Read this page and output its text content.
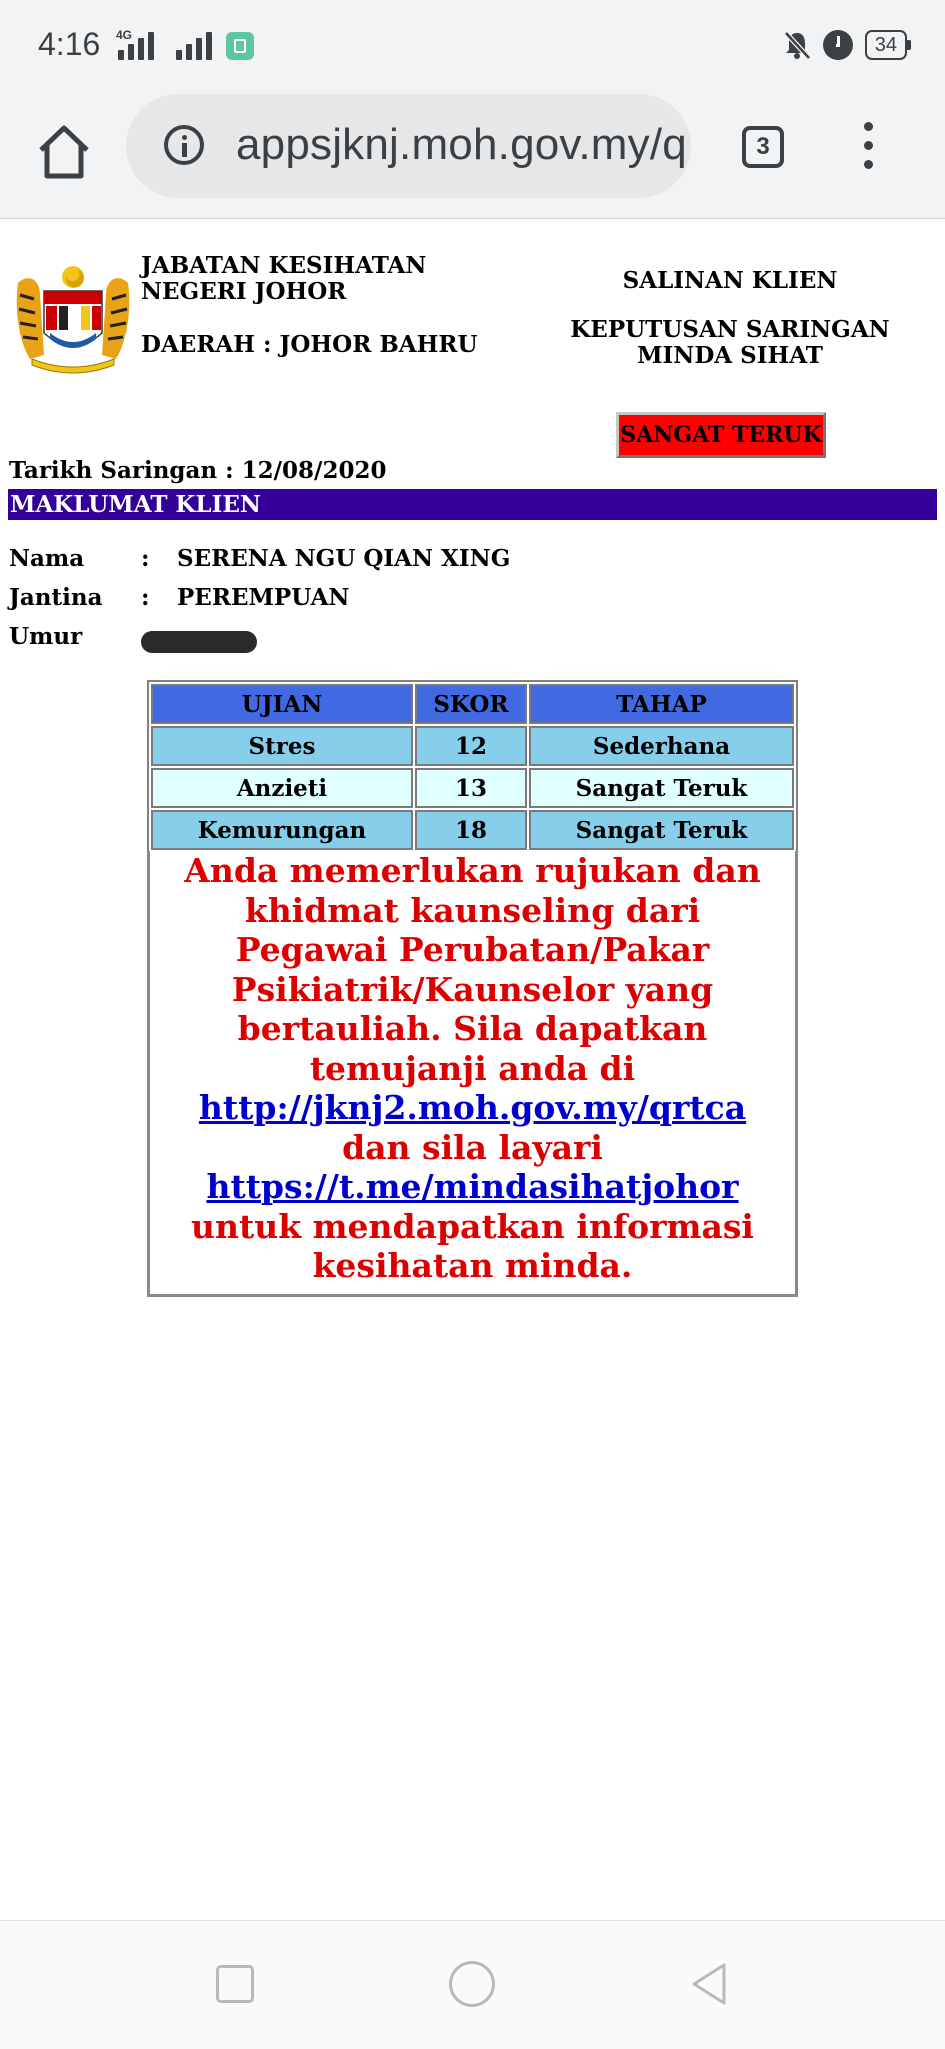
4:16 4G	34
appsjknj.moh.gov.my/q	3
JABATAN KESIHATAN NEGERI JOHOR
DAERAH : JOHOR BAHRU
SALINAN KLIEN
KEPUTUSAN SARINGAN MINDA SIHAT
SANGAT TERUK
Tarikh Saringan : 12/08/2020
MAKLUMAT KLIEN
Nama	: SERENA NGU QIAN XING
Jantina	: PEREMPUAN
Umur
UJIAN	SKOR	TAHAP
Stres	12	Sederhana
Anzieti	13	Sangat Teruk
Kemurungan	18	Sangat Teruk

Anda memerlukan rujukan dan khidmat kaunseling dari Pegawai Perubatan/Pakar Psikiatrik/Kaunselor yang bertauliah. Sila dapatkan temujanji anda di http://jknj2.moh.gov.my/qrtca dan sila layari https://t.me/mindasihatjohor untuk mendapatkan informasi kesihatan minda.
